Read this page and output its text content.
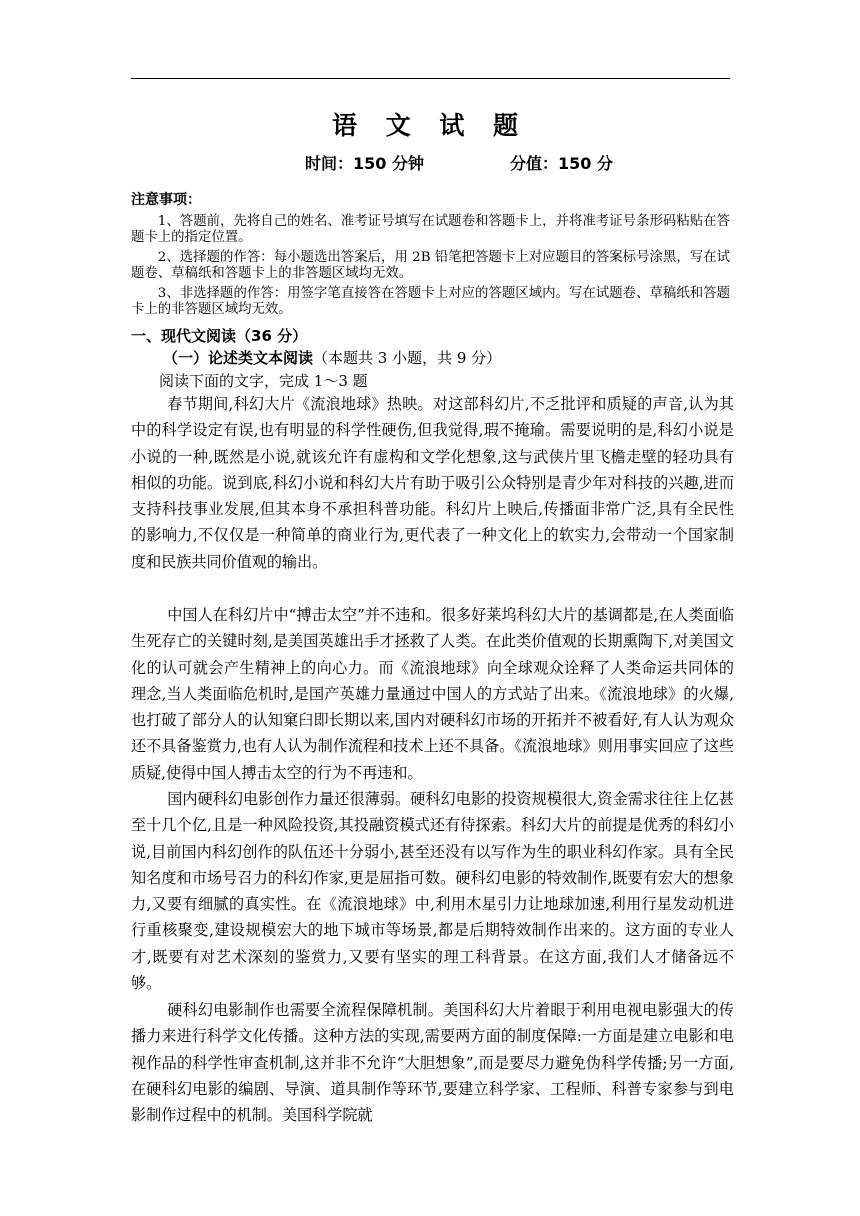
语 文 试 题
时间：150 分钟	分值：150 分
注意事项：

1、答题前，先将自己的姓名、准考证号填写在试题卷和答题卡上，并将准考证号条形码粘贴在答题卡上的指定位置。

2、选择题的作答：每小题选出答案后，用 2B 铅笔把答题卡上对应题目的答案标号涂黑，写在试题卷、草稿纸和答题卡上的非答题区域均无效。

3、非选择题的作答：用签字笔直接答在答题卡上对应的答题区域内。写在试题卷、草稿纸和答题卡上的非答题区域均无效。

一、现代文阅读（36 分）
（一）论述类文本阅读（本题共 3 小题，共 9 分）
阅读下面的文字，完成 1～3 题

春节期间,科幻大片《流浪地球》热映。对这部科幻片,不乏批评和质疑的声音,认为其中的科学设定有误,也有明显的科学性硬伤,但我觉得,瑕不掩瑜。需要说明的是,科幻小说是小说的一种,既然是小说,就该允许有虚构和文学化想象,这与武侠片里飞檐走壁的轻功具有相似的功能。说到底,科幻小说和科幻大片有助于吸引公众特别是青少年对科技的兴趣,进而支持科技事业发展,但其本身不承担科普功能。科幻片上映后,传播面非常广泛,具有全民性的影响力,不仅仅是一种简单的商业行为,更代表了一种文化上的软实力,会带动一个国家制度和民族共同价值观的输出。

中国人在科幻片中“搏击太空”并不违和。很多好莱坞科幻大片的基调都是,在人类面临生死存亡的关键时刻,是美国英雄出手才拯救了人类。在此类价值观的长期熏陶下,对美国文化的认可就会产生精神上的向心力。而《流浪地球》向全球观众诠释了人类命运共同体的理念,当人类面临危机时,是国产英雄力量通过中国人的方式站了出来。《流浪地球》的火爆,也打破了部分人的认知窠臼即长期以来,国内对硬科幻市场的开拓并不被看好,有人认为观众还不具备鉴赏力,也有人认为制作流程和技术上还不具备。《流浪地球》则用事实回应了这些质疑,使得中国人搏击太空的行为不再违和。

国内硬科幻电影创作力量还很薄弱。硬科幻电影的投资规模很大,资金需求往往上亿甚至十几个亿,且是一种风险投资,其投融资模式还有待探索。科幻大片的前提是优秀的科幻小说,目前国内科幻创作的队伍还十分弱小,甚至还没有以写作为生的职业科幻作家。具有全民知名度和市场号召力的科幻作家,更是屈指可数。硬科幻电影的特效制作,既要有宏大的想象力,又要有细腻的真实性。在《流浪地球》中,利用木星引力让地球加速,利用行星发动机进行重核聚变,建设规模宏大的地下城市等场景,都是后期特效制作出来的。这方面的专业人才,既要有对艺术深刻的鉴赏力,又要有坚实的理工科背景。在这方面,我们人才储备远不够。

硬科幻电影制作也需要全流程保障机制。美国科幻大片着眼于利用电视电影强大的传播力来进行科学文化传播。这种方法的实现,需要两方面的制度保障:一方面是建立电影和电视作品的科学性审查机制,这并非不允许“大胆想象”,而是要尽力避免伪科学传播;另一方面,在硬科幻电影的编剧、导演、道具制作等环节,要建立科学家、工程师、科普专家参与到电影制作过程中的机制。美国科学院就
